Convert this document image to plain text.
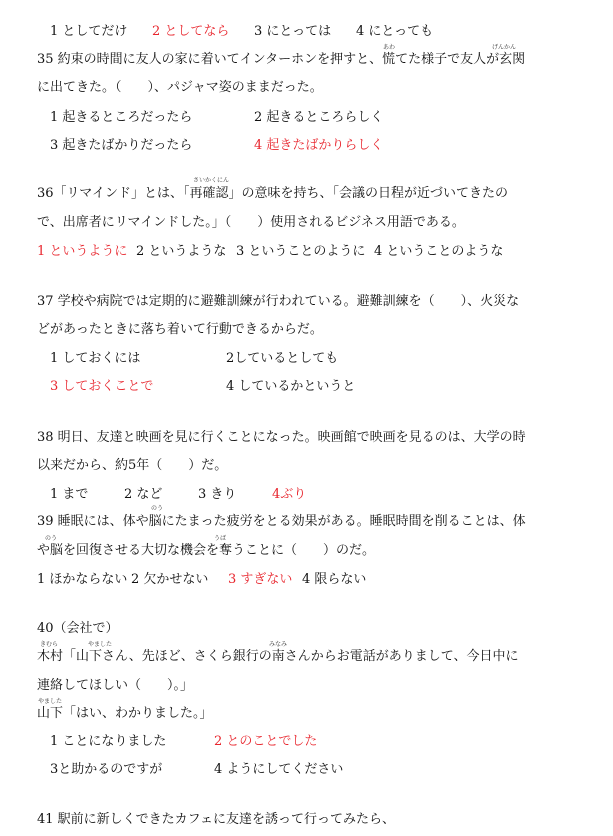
1 としてだけ 2 としてなら 3 にとっては 4 にとっても
あわ	げんかん
35 約束の時間に友人の家に着いてインターホンを押すと、慌てた様子で友人が玄関
に出てきた。（　　）、パジャマ姿のままだった。
1 起きるところだったら	2 起きるところらしく
3 起きたばかりだったら	4 起きたばかりらしく
さいかくにん
36「リマインド」とは、「再確認」の意味を持ち、「会議の日程が近づいてきたの
で、出席者にリマインドした。」（　　）使用されるビジネス用語である。
1 というように 2 というような 3 ということのように 4 ということのような
37 学校や病院では定期的に避難訓練が行われている。避難訓練を（　　）、火災な
どがあったときに落ち着いて行動できるからだ。
1 しておくには	2しているとしても
3 しておくことで	4 しているかというと
38 明日、友達と映画を見に行くことになった。映画館で映画を見るのは、大学の時
以来だから、約5年（　　）だ。
1 まで	2 など	3 きり	4ぶり
のう
39 睡眠には、体や脳にたまった疲労をとる効果がある。睡眠時間を削ることは、体
のう	うば
や脳を回復させる大切な機会を奪うことに（　　）のだ。
1 ほかならない 2 欠かせない 3 すぎない 4 限らない
40（会社で）
きむら	やました	みなみ
木村「山下さん、先ほど、さくら銀行の南さんからお電話がありまして、今日中に
連絡してほしい（　　）。」
やました
山下「はい、わかりました。」
1 ことになりました	2 とのことでした
3と助かるのですが	4 ようにしてください
41 駅前に新しくできたカフェに友達を誘って行ってみたら、
